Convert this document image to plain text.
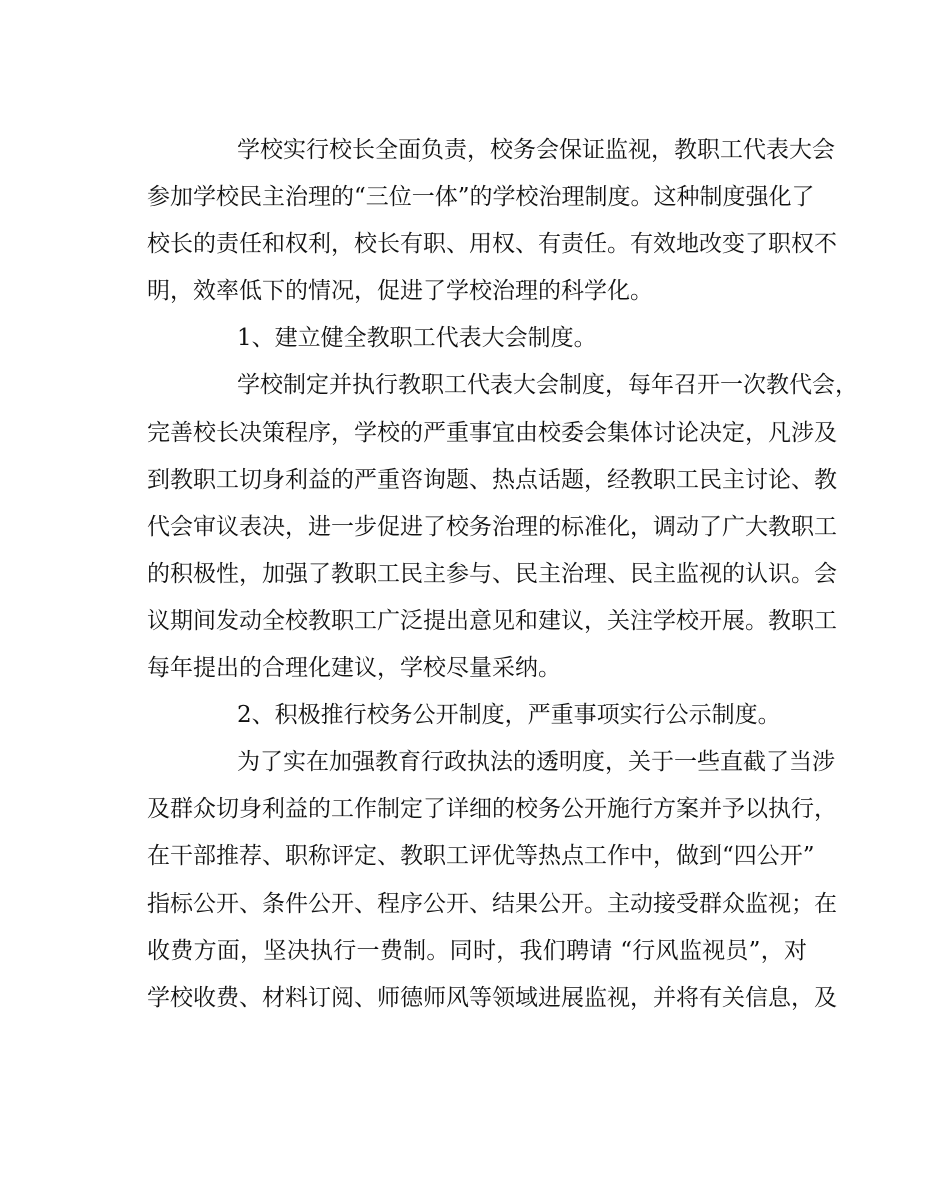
学校实行校长全面负责，校务会保证监视，教职工代表大会
参加学校民主治理的“三位一体”的学校治理制度。这种制度强化了
校长的责任和权利，校长有职、用权、有责任。有效地改变了职权不
明，效率低下的情况，促进了学校治理的科学化。
1、建立健全教职工代表大会制度。
学校制定并执行教职工代表大会制度，每年召开一次教代会，
完善校长决策程序，学校的严重事宜由校委会集体讨论决定，凡涉及
到教职工切身利益的严重咨询题、热点话题，经教职工民主讨论、教
代会审议表决，进一步促进了校务治理的标准化，调动了广大教职工
的积极性，加强了教职工民主参与、民主治理、民主监视的认识。会
议期间发动全校教职工广泛提出意见和建议，关注学校开展。教职工
每年提出的合理化建议，学校尽量采纳。
2、积极推行校务公开制度，严重事项实行公示制度。
为了实在加强教育行政执法的透明度，关于一些直截了当涉
及群众切身利益的工作制定了详细的校务公开施行方案并予以执行，
在干部推荐、职称评定、教职工评优等热点工作中，做到“四公开”
指标公开、条件公开、程序公开、结果公开。主动接受群众监视；在
收费方面，坚决执行一费制。同时，我们聘请 “行风监视员”，对
学校收费、材料订阅、师德师风等领域进展监视，并将有关信息，及
